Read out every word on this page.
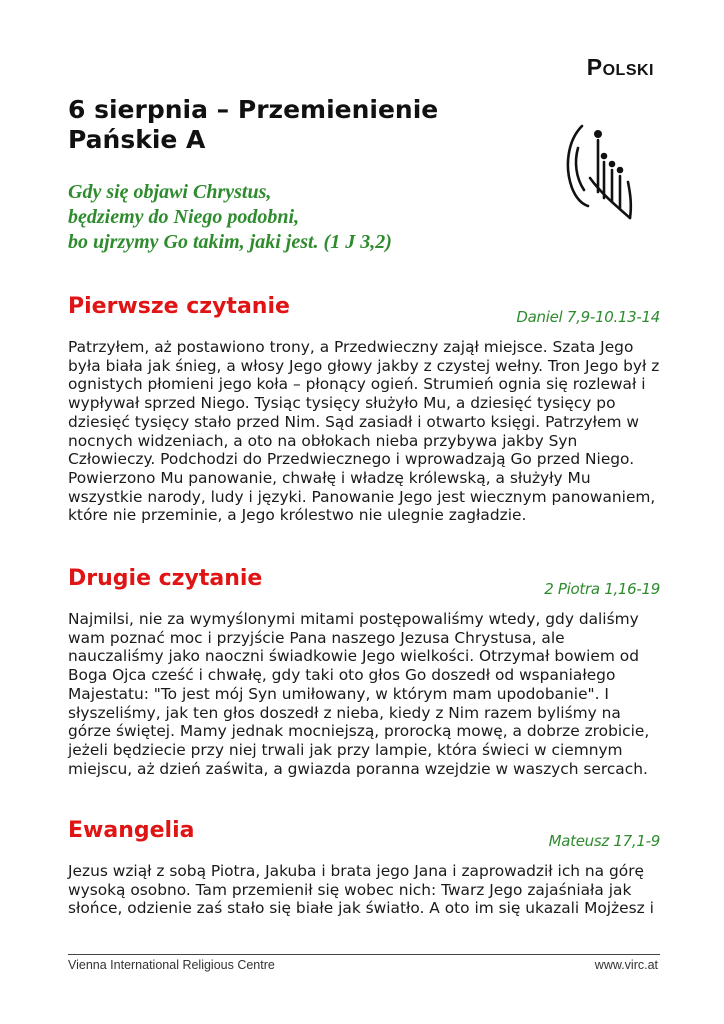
Polski
6 sierpnia – Przemienienie Pańskie A
Gdy się objawi Chrystus,
będziemy do Niego podobni,
bo ujrzymy Go takim, jaki jest. (1 J 3,2)
Pierwsze czytanie	Daniel 7,9-10.13-14

Patrzyłem, aż postawiono trony, a Przedwieczny zajął miejsce. Szata Jego była biała jak śnieg, a włosy Jego głowy jakby z czystej wełny. Tron Jego był z ognistych płomieni jego koła – płonący ogień. Strumień ognia się rozlewał i wypływał sprzed Niego. Tysiąc tysięcy służyło Mu, a dziesięć tysięcy po dziesięć tysięcy stało przed Nim. Sąd zasiadł i otwarto księgi. Patrzyłem w nocnych widzeniach, a oto na obłokach nieba przybywa jakby Syn Człowieczy. Podchodzi do Przedwiecznego i wprowadzają Go przed Niego. Powierzono Mu panowanie, chwałę i władzę królewską, a służyły Mu wszystkie narody, ludy i języki. Panowanie Jego jest wiecznym panowaniem, które nie przeminie, a Jego królestwo nie ulegnie zagładzie.

Drugie czytanie	2 Piotra 1,16-19

Najmilsi, nie za wymyślonymi mitami postępowaliśmy wtedy, gdy daliśmy wam poznać moc i przyjście Pana naszego Jezusa Chrystusa, ale nauczaliśmy jako naoczni świadkowie Jego wielkości. Otrzymał bowiem od Boga Ojca cześć i chwałę, gdy taki oto głos Go doszedł od wspaniałego Majestatu: "To jest mój Syn umiłowany, w którym mam upodobanie". I słyszeliśmy, jak ten głos doszedł z nieba, kiedy z Nim razem byliśmy na górze świętej. Mamy jednak mocniejszą, prorocką mowę, a dobrze zrobicie, jeżeli będziecie przy niej trwali jak przy lampie, która świeci w ciemnym miejscu, aż dzień zaświta, a gwiazda poranna wzejdzie w waszych sercach.

Ewangelia	Mateusz 17,1-9

Jezus wziął z sobą Piotra, Jakuba i brata jego Jana i zaprowadził ich na górę wysoką osobno. Tam przemienił się wobec nich: Twarz Jego zajaśniała jak słońce, odzienie zaś stało się białe jak światło. A oto im się ukazali Mojżesz i

Vienna International Religious Centre	www.virc.at
